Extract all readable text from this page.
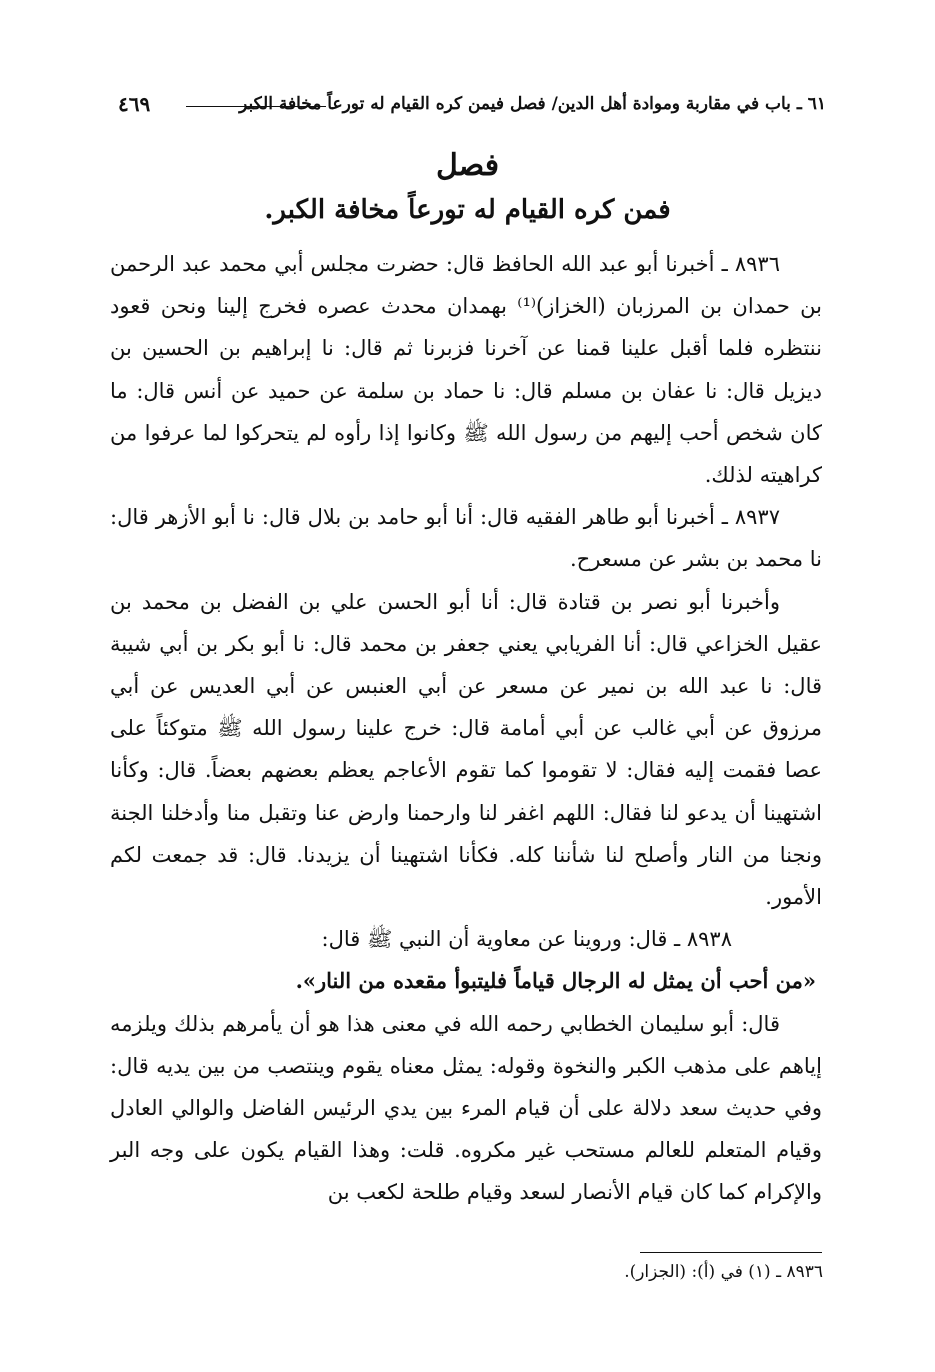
٦١ ـ باب في مقاربة وموادة أهل الدين/ فصل فيمن كره القيام له تورعاً مخافة الكبر
٤٦٩
فصل
فمن كره القيام له تورعاً مخافة الكبر.

٨٩٣٦ ـ أخبرنا أبو عبد الله الحافظ قال: حضرت مجلس أبي محمد عبد الرحمن بن حمدان بن المرزبان (الخزاز)⁽¹⁾ بهمدان محدث عصره فخرج إلينا ونحن قعود ننتظره فلما أقبل علينا قمنا عن آخرنا فزبرنا ثم قال: نا إبراهيم بن الحسين بن ديزيل قال: نا عفان بن مسلم قال: نا حماد بن سلمة عن حميد عن أنس قال: ما كان شخص أحب إليهم من رسول الله ﷺ وكانوا إذا رأوه لم يتحركوا لما عرفوا من كراهيته لذلك.

٨٩٣٧ ـ أخبرنا أبو طاهر الفقيه قال: أنا أبو حامد بن بلال قال: نا أبو الأزهر قال: نا محمد بن بشر عن مسعرح.

وأخبرنا أبو نصر بن قتادة قال: أنا أبو الحسن علي بن الفضل بن محمد بن عقيل الخزاعي قال: أنا الفريابي يعني جعفر بن محمد قال: نا أبو بكر بن أبي شيبة قال: نا عبد الله بن نمير عن مسعر عن أبي العنبس عن أبي العديس عن أبي مرزوق عن أبي غالب عن أبي أمامة قال: خرج علينا رسول الله ﷺ متوكئاً على عصا فقمت إليه فقال: لا تقوموا كما تقوم الأعاجم يعظم بعضهم بعضاً. قال: وكأنا اشتهينا أن يدعو لنا فقال: اللهم اغفر لنا وارحمنا وارض عنا وتقبل منا وأدخلنا الجنة ونجنا من النار وأصلح لنا شأننا كله. فكأنا اشتهينا أن يزيدنا. قال: قد جمعت لكم الأمور.

٨٩٣٨ ـ قال: وروينا عن معاوية أن النبي ﷺ قال:

«من أحب أن يمثل له الرجال قياماً فليتبوأ مقعده من النار».

قال: أبو سليمان الخطابي رحمه الله في معنى هذا هو أن يأمرهم بذلك ويلزمه إياهم على مذهب الكبر والنخوة وقوله: يمثل معناه يقوم وينتصب من بين يديه قال: وفي حديث سعد دلالة على أن قيام المرء بين يدي الرئيس الفاضل والوالي العادل وقيام المتعلم للعالم مستحب غير مكروه. قلت: وهذا القيام يكون على وجه البر والإكرام كما كان قيام الأنصار لسعد وقيام طلحة لكعب بن

٨٩٣٦ ـ (١) في (أ): (الجزار).
